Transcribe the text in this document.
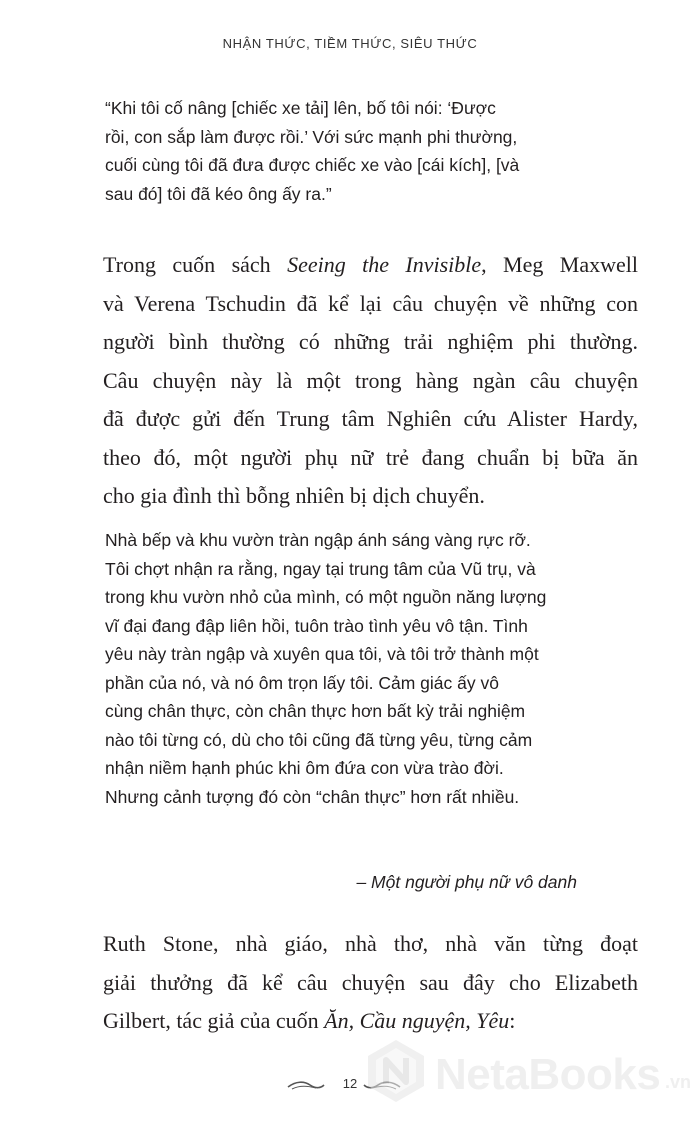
NHẬN THỨC, TIỀM THỨC, SIÊU THỨC
“Khi tôi cố nâng [chiếc xe tải] lên, bố tôi nói: ‘Được
rồi, con sắp làm được rồi.’ Với sức mạnh phi thường,
cuối cùng tôi đã đưa được chiếc xe vào [cái kích], [và
sau đó] tôi đã kéo ông ấy ra.”
Trong cuốn sách Seeing the Invisible, Meg Maxwell
và Verena Tschudin đã kể lại câu chuyện về những con
người bình thường có những trải nghiệm phi thường.
Câu chuyện này là một trong hàng ngàn câu chuyện
đã được gửi đến Trung tâm Nghiên cứu Alister Hardy,
theo đó, một người phụ nữ trẻ đang chuẩn bị bữa ăn
cho gia đình thì bỗng nhiên bị dịch chuyển.
Nhà bếp và khu vườn tràn ngập ánh sáng vàng rực rỡ.
Tôi chợt nhận ra rằng, ngay tại trung tâm của Vũ trụ, và
trong khu vườn nhỏ của mình, có một nguồn năng lượng
vĩ đại đang đập liên hồi, tuôn trào tình yêu vô tận. Tình
yêu này tràn ngập và xuyên qua tôi, và tôi trở thành một
phần của nó, và nó ôm trọn lấy tôi. Cảm giác ấy vô
cùng chân thực, còn chân thực hơn bất kỳ trải nghiệm
nào tôi từng có, dù cho tôi cũng đã từng yêu, từng cảm
nhận niềm hạnh phúc khi ôm đứa con vừa trào đời.
Nhưng cảnh tượng đó còn “chân thực” hơn rất nhiều.
– Một người phụ nữ vô danh
Ruth Stone, nhà giáo, nhà thơ, nhà văn từng đoạt
giải thưởng đã kể câu chuyện sau đây cho Elizabeth
Gilbert, tác giả của cuốn Ăn, Cầu nguyện, Yêu:
12	NetaBooks .vn
